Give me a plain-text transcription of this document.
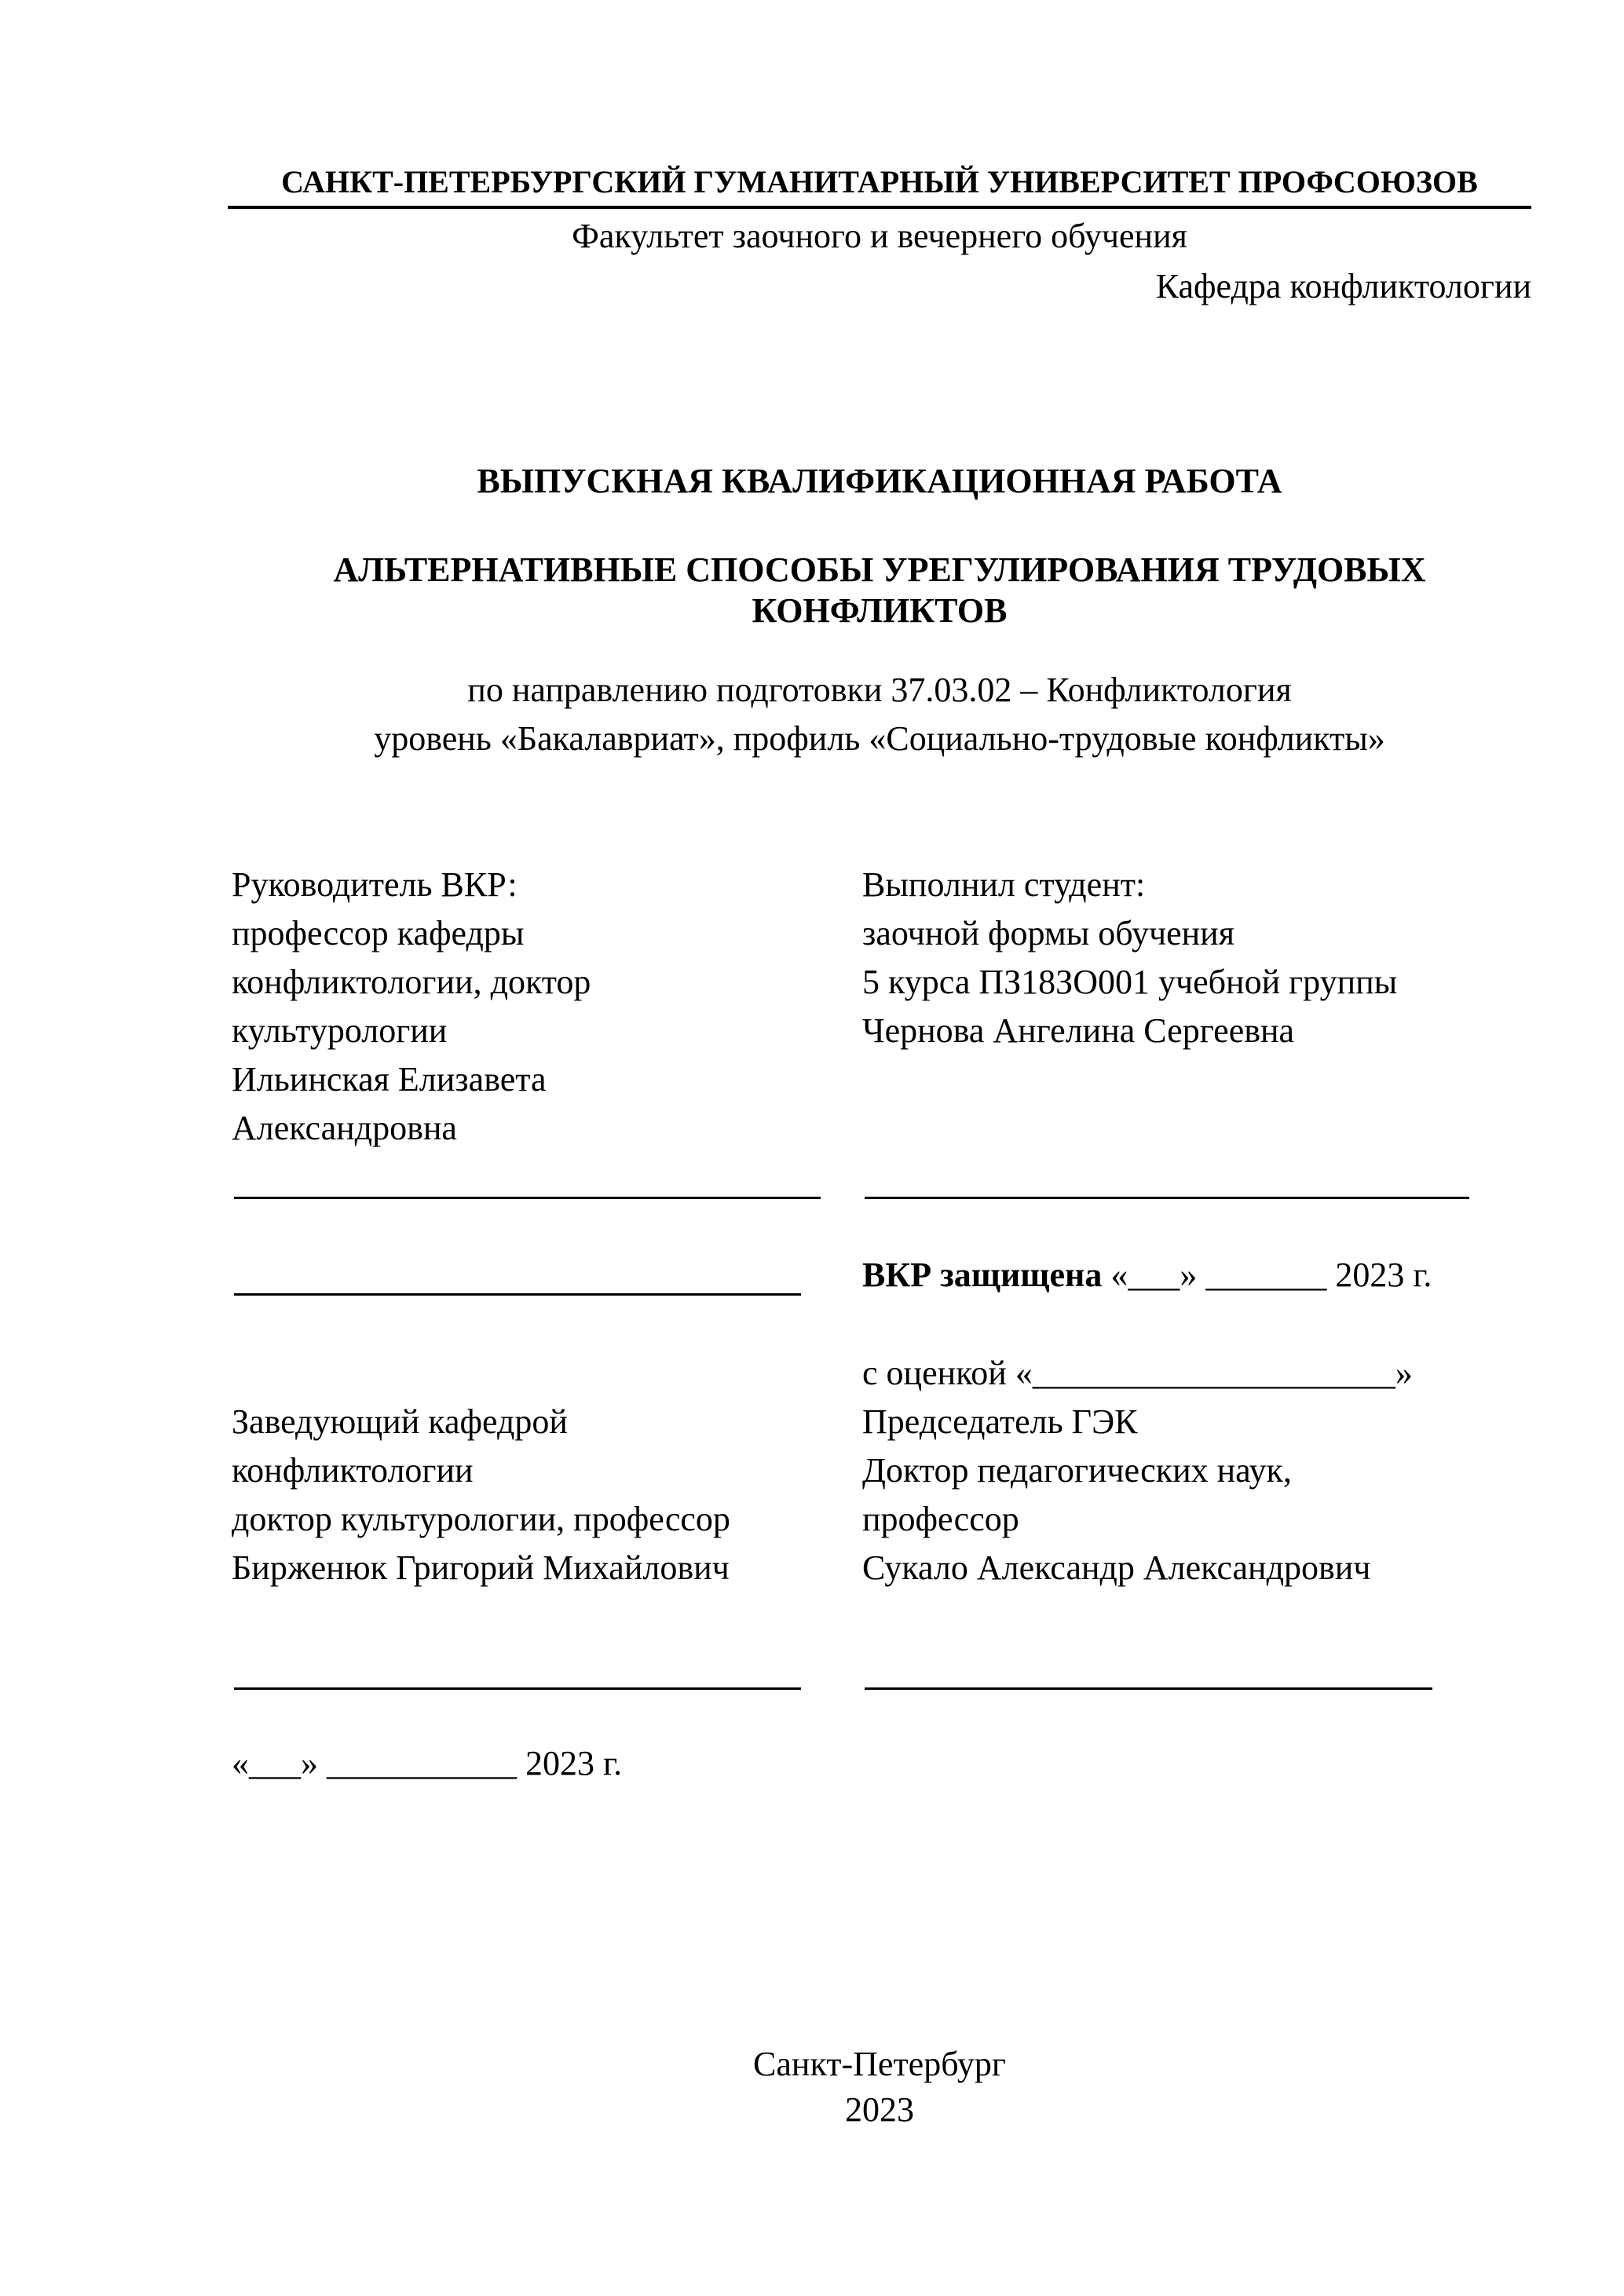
САНКТ-ПЕТЕРБУРГСКИЙ ГУМАНИТАРНЫЙ УНИВЕРСИТЕТ ПРОФСОЮЗОВ
Факультет заочного и вечернего обучения
Кафедра конфликтологии
ВЫПУСКНАЯ КВАЛИФИКАЦИОННАЯ РАБОТА
АЛЬТЕРНАТИВНЫЕ СПОСОБЫ УРЕГУЛИРОВАНИЯ ТРУДОВЫХ
КОНФЛИКТОВ
по направлению подготовки 37.03.02 – Конфликтология
уровень «Бакалавриат», профиль «Социально-трудовые конфликты»
Руководитель ВКР:
профессор кафедры
конфликтологии, доктор
культурологии
Ильинская Елизавета
Александровна
Выполнил студент:
заочной формы обучения
5 курса ПЗ18ЗО001 учебной группы
Чернова Ангелина Сергеевна
ВКР защищена «___» _______ 2023 г.
с оценкой «_____________________»
Заведующий кафедрой
конфликтологии
доктор культурологии, профессор
Бирженюк Григорий Михайлович
Председатель ГЭК
Доктор педагогических наук,
профессор
Сукало Александр Александрович
«___» ___________ 2023 г.
Санкт-Петербург
2023
